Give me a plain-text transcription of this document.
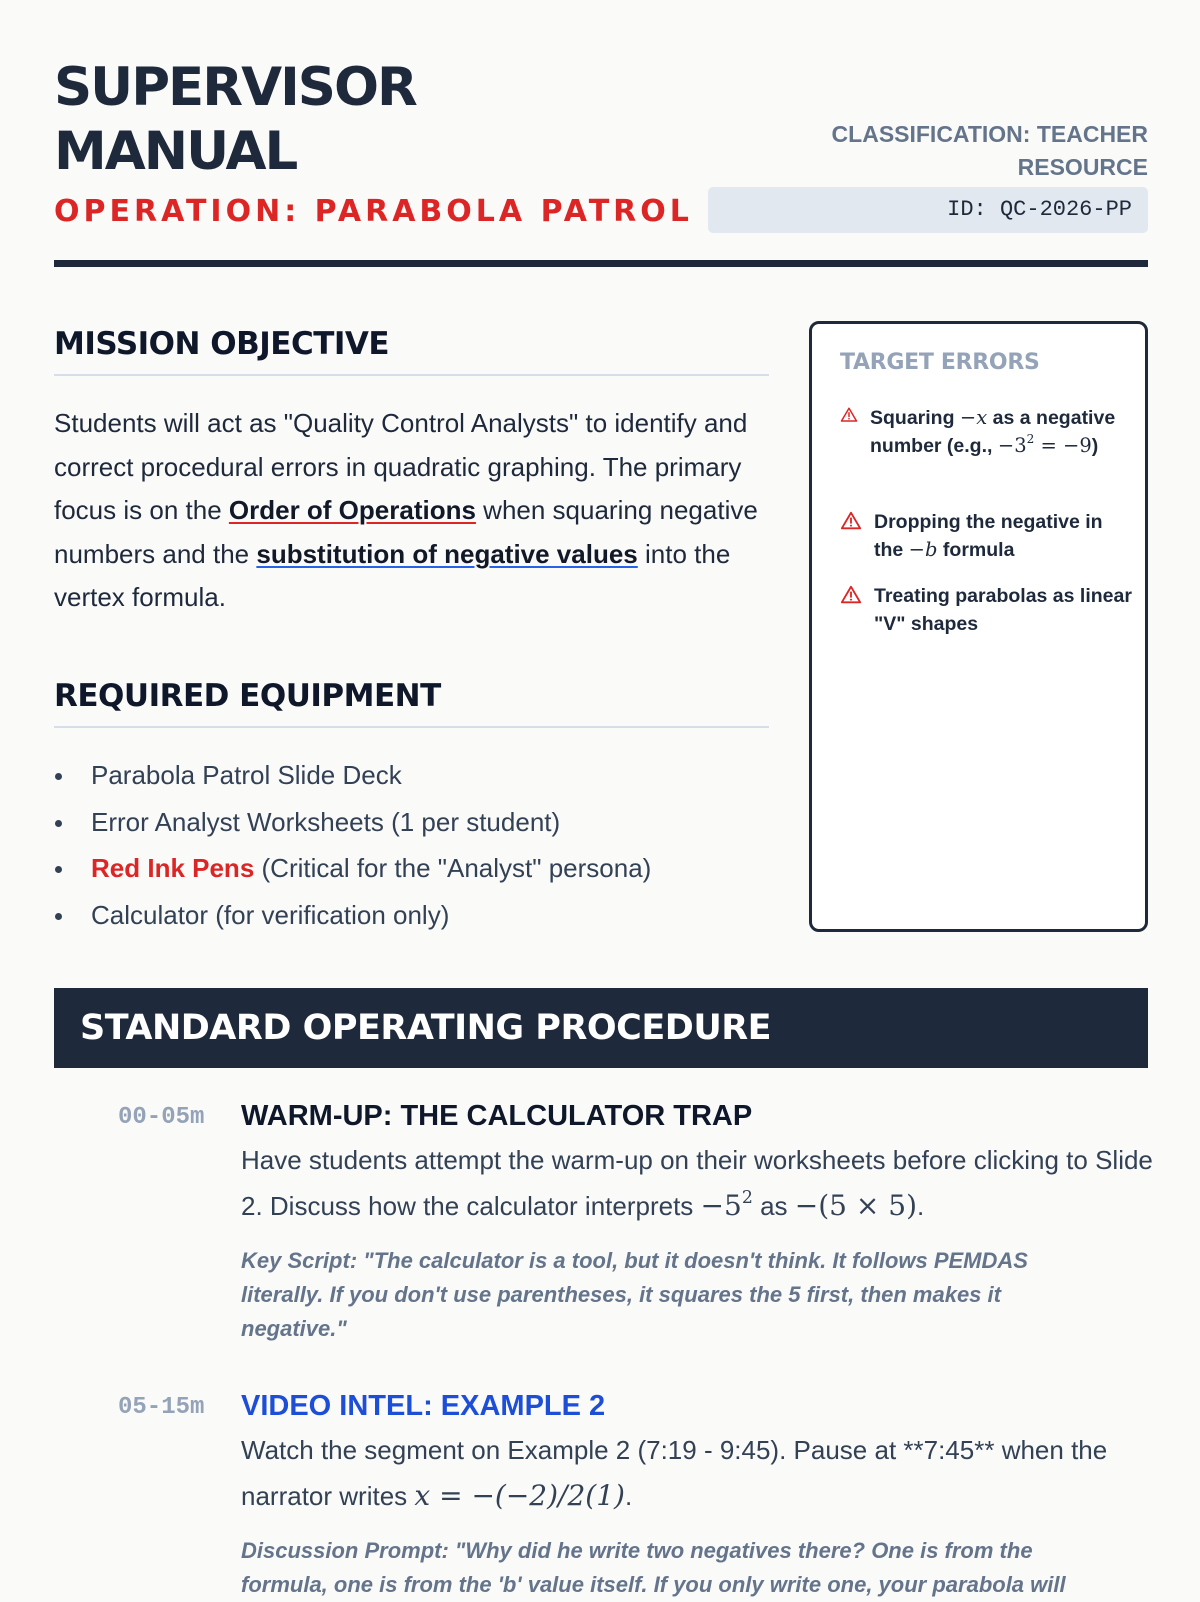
SUPERVISOR
MANUAL
OPERATION: PARABOLA PATROL
CLASSIFICATION: TEACHER
RESOURCE
ID: QC-2026-PP
MISSION OBJECTIVE

Students will act as "Quality Control Analysts" to identify and correct procedural errors in quadratic graphing. The primary focus is on the Order of Operations when squaring negative numbers and the substitution of negative values into the vertex formula.

REQUIRED EQUIPMENT
Parabola Patrol Slide Deck
Error Analyst Worksheets (1 per student)
Red Ink Pens (Critical for the "Analyst" persona)
Calculator (for verification only)
TARGET ERRORS
Squaring −x as a negative number (e.g., $-3^2 = -9$)
Dropping the negative in the −b formula
Treating parabolas as linear "V" shapes
STANDARD OPERATING PROCEDURE
00-05m	WARM-UP: THE CALCULATOR TRAP

Have students attempt the warm-up on their worksheets before clicking to Slide 2. Discuss how the calculator interprets $-5^2$ as −(5 × 5).

Key Script: "The calculator is a tool, but it doesn't think. It follows PEMDAS literally. If you don't use parentheses, it squares the 5 first, then makes it negative."

05-15m	VIDEO INTEL: EXAMPLE 2

Watch the segment on Example 2 (7:19 - 9:45). Pause at **7:45** when the narrator writes x = −(−2)/2(1).

Discussion Prompt: "Why did he write two negatives there? One is from the formula, one is from the 'b' value itself. If you only write one, your parabola will
